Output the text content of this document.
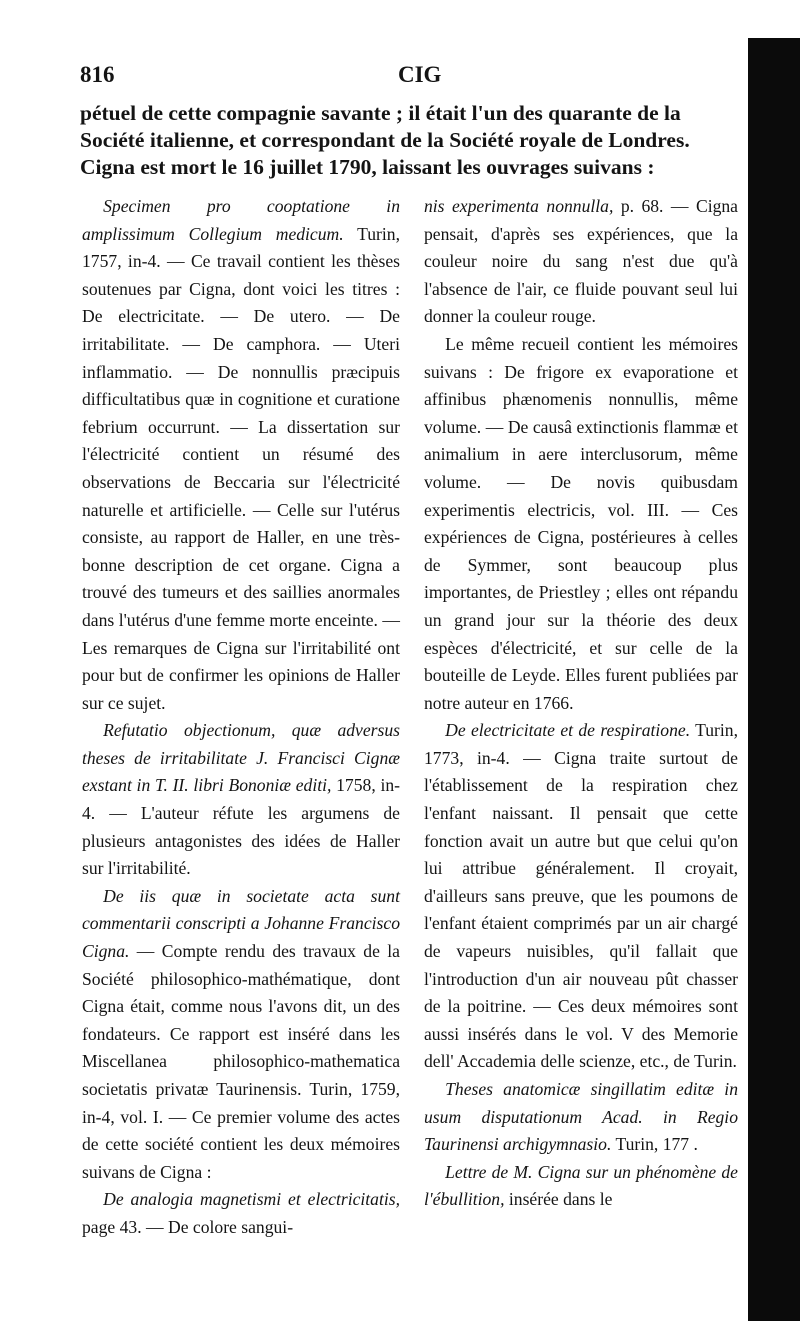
816	CIG
pétuel de cette compagnie savante ; il était l'un des quarante de la
Société italienne, et correspondant de la Société royale de Londres.
Cigna est mort le 16 juillet 1790, laissant les ouvrages suivans :

Specimen pro cooptatione in amplissimum Collegium medicum. Turin, 1757, in-4. — Ce travail contient les thèses soutenues par Cigna, dont voici les titres : De electricitate. — De utero. — De irritabilitate. — De camphora. — Uteri inflammatio. — De nonnullis præcipuis difficultatibus quæ in cognitione et curatione febrium occurrunt. — La dissertation sur l'électricité contient un résumé des observations de Beccaria sur l'électricité naturelle et artificielle. — Celle sur l'utérus consiste, au rapport de Haller, en une très-bonne description de cet organe. Cigna a trouvé des tumeurs et des saillies anormales dans l'utérus d'une femme morte enceinte. — Les remarques de Cigna sur l'irritabilité ont pour but de confirmer les opinions de Haller sur ce sujet.

Refutatio objectionum, quæ adversus theses de irritabilitate J. Francisci Cignæ exstant in T. II. libri Bononiæ editi, 1758, in-4. — L'auteur réfute les argumens de plusieurs antagonistes des idées de Haller sur l'irritabilité.

De iis quæ in societate acta sunt commentarii conscripti a Johanne Francisco Cigna. — Compte rendu des travaux de la Société philosophico-mathématique, dont Cigna était, comme nous l'avons dit, un des fondateurs. Ce rapport est inséré dans les Miscellanea philosophico-mathematica societatis privatæ Taurinensis. Turin, 1759, in-4, vol. I. — Ce premier volume des actes de cette société contient les deux mémoires suivans de Cigna :

De analogia magnetismi et electricitatis, page 43. — De colore sangui-

nis experimenta nonnulla, p. 68. — Cigna pensait, d'après ses expériences, que la couleur noire du sang n'est due qu'à l'absence de l'air, ce fluide pouvant seul lui donner la couleur rouge.

Le même recueil contient les mémoires suivans : De frigore ex evaporatione et affinibus phænomenis nonnullis, même volume. — De causâ extinctionis flammæ et animalium in aere interclusorum, même volume. — De novis quibusdam experimentis electricis, vol. III. — Ces expériences de Cigna, postérieures à celles de Symmer, sont beaucoup plus importantes, de Priestley ; elles ont répandu un grand jour sur la théorie des deux espèces d'électricité, et sur celle de la bouteille de Leyde. Elles furent publiées par notre auteur en 1766.

De electricitate et de respiratione. Turin, 1773, in-4. — Cigna traite surtout de l'établissement de la respiration chez l'enfant naissant. Il pensait que cette fonction avait un autre but que celui qu'on lui attribue généralement. Il croyait, d'ailleurs sans preuve, que les poumons de l'enfant étaient comprimés par un air chargé de vapeurs nuisibles, qu'il fallait que l'introduction d'un air nouveau pût chasser de la poitrine. — Ces deux mémoires sont aussi insérés dans le vol. V des Memorie dell' Accademia delle scienze, etc., de Turin.

Theses anatomicæ singillatim editæ in usum disputationum Acad. in Regio Taurinensi archigymnasio. Turin, 177 .

Lettre de M. Cigna sur un phénomène de l'ébullition, insérée dans le
